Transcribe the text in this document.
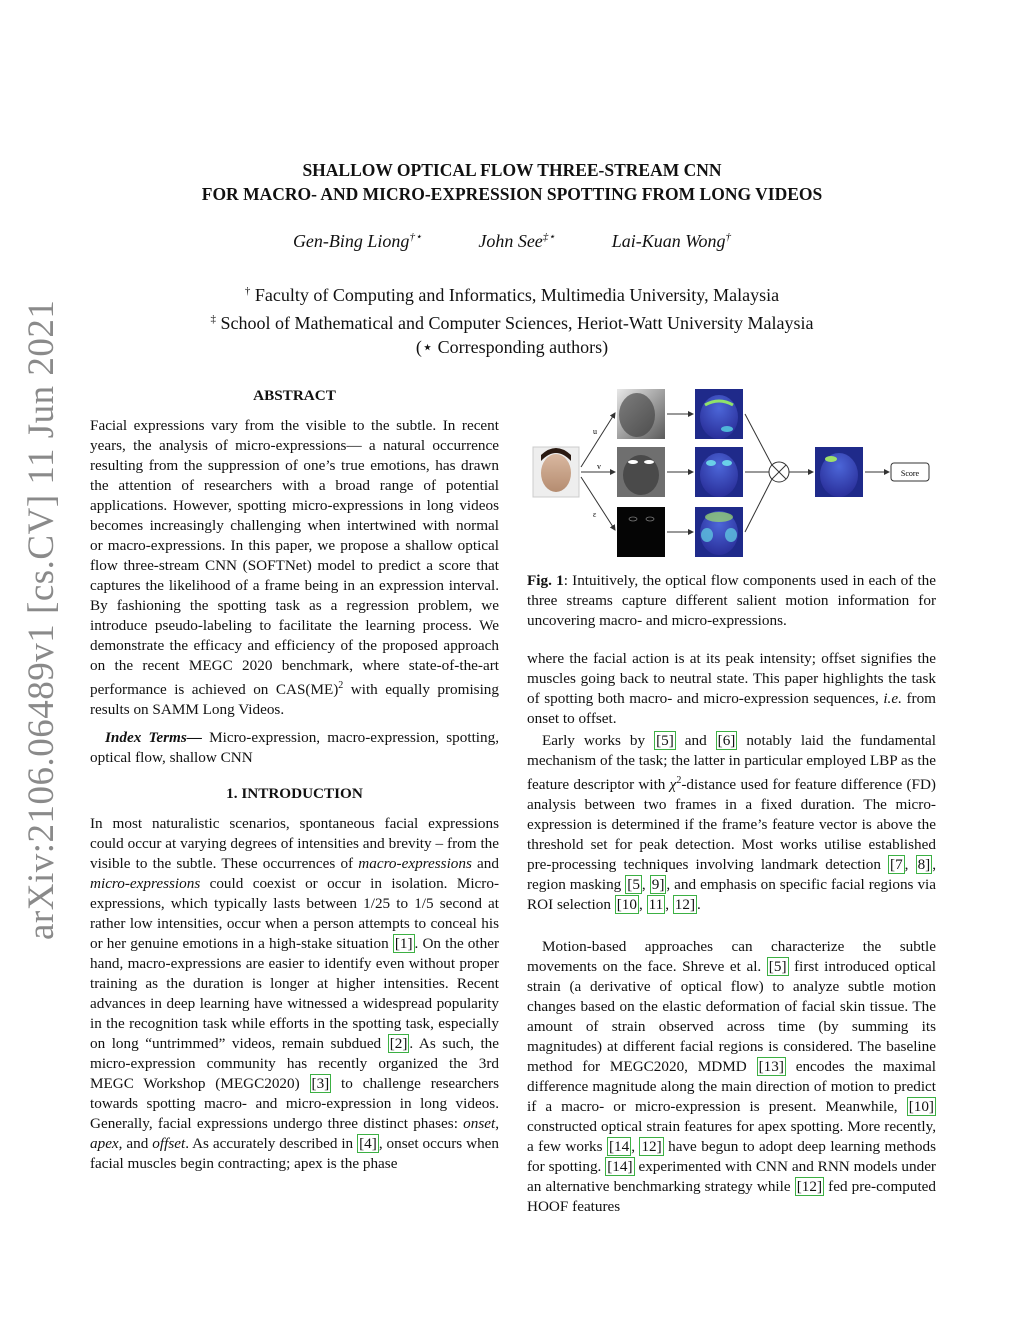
arXiv:2106.06489v1 [cs.CV] 11 Jun 2021
SHALLOW OPTICAL FLOW THREE-STREAM CNN
FOR MACRO- AND MICRO-EXPRESSION SPOTTING FROM LONG VIDEOS
Gen-Bing Liong†⋆	John See‡⋆	Lai-Kuan Wong†
† Faculty of Computing and Informatics, Multimedia University, Malaysia
‡ School of Mathematical and Computer Sciences, Heriot-Watt University Malaysia
(⋆ Corresponding authors)
ABSTRACT

Facial expressions vary from the visible to the subtle. In recent years, the analysis of micro-expressions— a natural occurrence resulting from the suppression of one’s true emotions, has drawn the attention of researchers with a broad range of potential applications. However, spotting micro-expressions in long videos becomes increasingly challenging when intertwined with normal or macro-expressions. In this paper, we propose a shallow optical flow three-stream CNN (SOFTNet) model to predict a score that captures the likelihood of a frame being in an expression interval. By fashioning the spotting task as a regression problem, we introduce pseudo-labeling to facilitate the learning process. We demonstrate the efficacy and efficiency of the proposed approach on the recent MEGC 2020 benchmark, where state-of-the-art performance is achieved on CAS(ME)$^2$ with equally promising results on SAMM Long Videos.

Index Terms— Micro-expression, macro-expression, spotting, optical flow, shallow CNN

1. INTRODUCTION

In most naturalistic scenarios, spontaneous facial expressions could occur at varying degrees of intensities and brevity – from the visible to the subtle. These occurrences of macro-expressions and micro-expressions could coexist or occur in isolation. Micro-expressions, which typically lasts between 1/25 to 1/5 second at rather low intensities, occur when a person attempts to conceal his or her genuine emotions in a high-stake situation [1] . On the other hand, macro-expressions are easier to identify even without proper training as the duration is longer at higher intensities. Recent advances in deep learning have witnessed a widespread popularity in the recognition task while efforts in the spotting task, especially on long “untrimmed” videos, remain subdued [2] . As such, the micro-expression community has recently organized the 3rd MEGC Workshop (MEGC2020) [3] to challenge researchers towards spotting macro- and micro-expression in long videos. Generally, facial expressions undergo three distinct phases: onset, apex, and offset. As accurately described in [4] , onset occurs when facial muscles begin contracting; apex is the phase

u
v
ε
Score
Fig. 1: Intuitively, the optical flow components used in each of the three streams capture different salient motion information for uncovering macro- and micro-expressions.

where the facial action is at its peak intensity; offset signifies the muscles going back to neutral state. This paper highlights the task of spotting both macro- and micro-expression sequences, i.e. from onset to offset.

Early works by [5] and [6] notably laid the fundamental mechanism of the task; the latter in particular employed LBP as the feature descriptor with $\chi^2$-distance used for feature difference (FD) analysis between two frames in a fixed duration. The micro-expression is determined if the frame’s feature vector is above the threshold set for peak detection. Most works utilise established pre-processing techniques involving landmark detection [7 , 8] , region masking [5 , 9] , and emphasis on specific facial regions via ROI selection [10 , 11 , 12] .

Motion-based approaches can characterize the subtle movements on the face. Shreve et al. [5] first introduced optical strain (a derivative of optical flow) to analyze subtle motion changes based on the elastic deformation of facial skin tissue. The amount of strain observed across time (by summing its magnitudes) at different facial regions is considered. The baseline method for MEGC2020, MDMD [13] encodes the maximal difference magnitude along the main direction of motion to predict if a macro- or micro-expression is present. Meanwhile, [10] constructed optical strain features for apex spotting. More recently, a few works [14 , 12] have begun to adopt deep learning methods for spotting. [14] experimented with CNN and RNN models under an alternative benchmarking strategy while [12] fed pre-computed HOOF features
